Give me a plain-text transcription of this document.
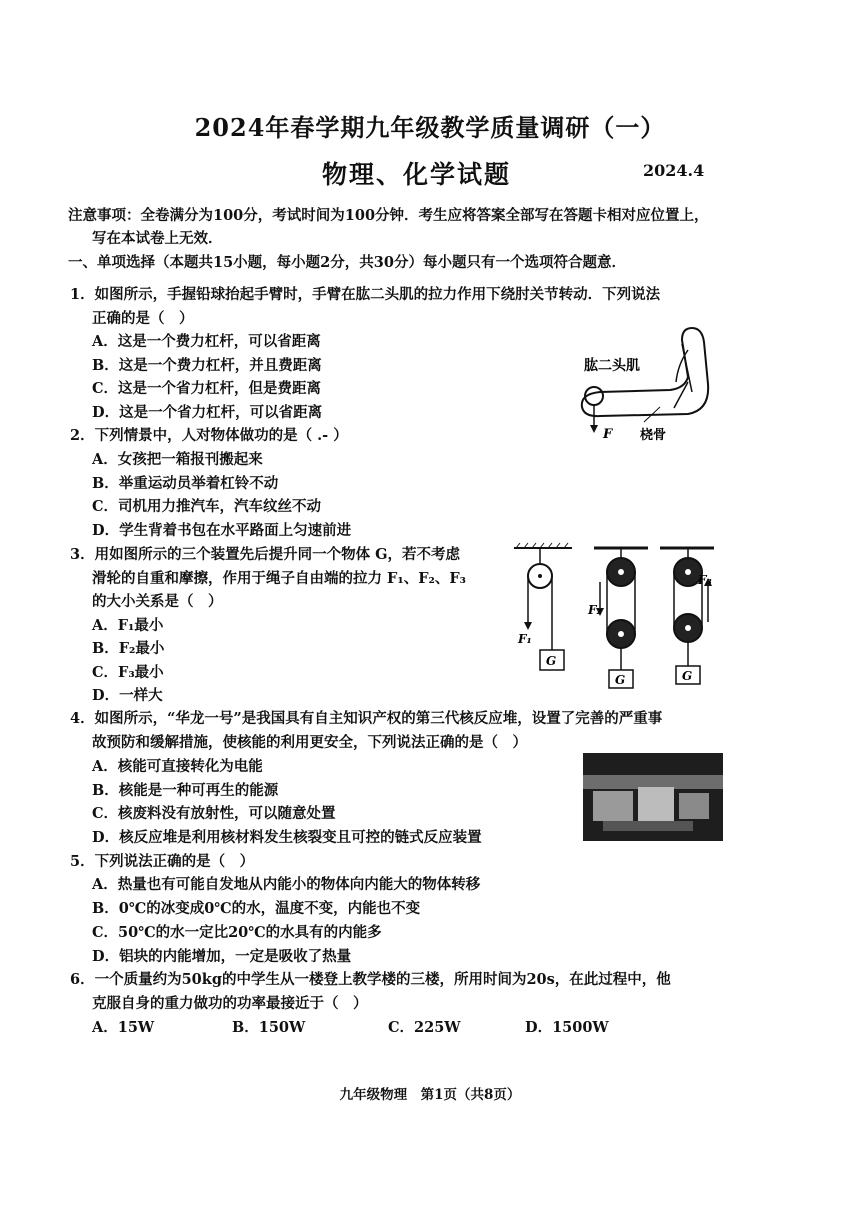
2024年春学期九年级教学质量调研（一）
物理、化学试题	2024.4
注意事项：全卷满分为100分，考试时间为100分钟．考生应将答案全部写在答题卡相对应位置上，
写在本试卷上无效．
一、单项选择（本题共15小题，每小题2分，共30分）每小题只有一个选项符合题意．
1．如图所示，手握铅球抬起手臂时，手臂在肱二头肌的拉力作用下绕肘关节转动．下列说法
正确的是（　）
A．这是一个费力杠杆，可以省距离
B．这是一个费力杠杆，并且费距离
C．这是一个省力杠杆，但是费距离
D．这是一个省力杠杆，可以省距离
肱二头肌
F 桡骨
2．下列情景中，人对物体做功的是（ .- ）
A．女孩把一箱报刊搬起来
B．举重运动员举着杠铃不动
C．司机用力推汽车，汽车纹丝不动
D．学生背着书包在水平路面上匀速前进
3．用如图所示的三个装置先后提升同一个物体 G，若不考虑
滑轮的自重和摩擦，作用于绳子自由端的拉力 F₁、F₂、F₃
的大小关系是（　）
A．F₁最小
B．F₂最小
C．F₃最小
D．一样大
G
F₁
G
F₂
G
F₃
4．如图所示，“华龙一号”是我国具有自主知识产权的第三代核反应堆，设置了完善的严重事
故预防和缓解措施，使核能的利用更安全，下列说法正确的是（　）
A．核能可直接转化为电能
B．核能是一种可再生的能源
C．核废料没有放射性，可以随意处置
D．核反应堆是利用核材料发生核裂变且可控的链式反应装置
5．下列说法正确的是（　）
A．热量也有可能自发地从内能小的物体向内能大的物体转移
B．0℃的冰变成0℃的水，温度不变，内能也不变
C．50℃的水一定比20℃的水具有的内能多
D．铝块的内能增加，一定是吸收了热量
6．一个质量约为50kg的中学生从一楼登上教学楼的三楼，所用时间为20s，在此过程中，他
克服自身的重力做功的功率最接近于（　）
A．15W	B．150W	C．225W	D．1500W
九年级物理　第1页（共8页）
